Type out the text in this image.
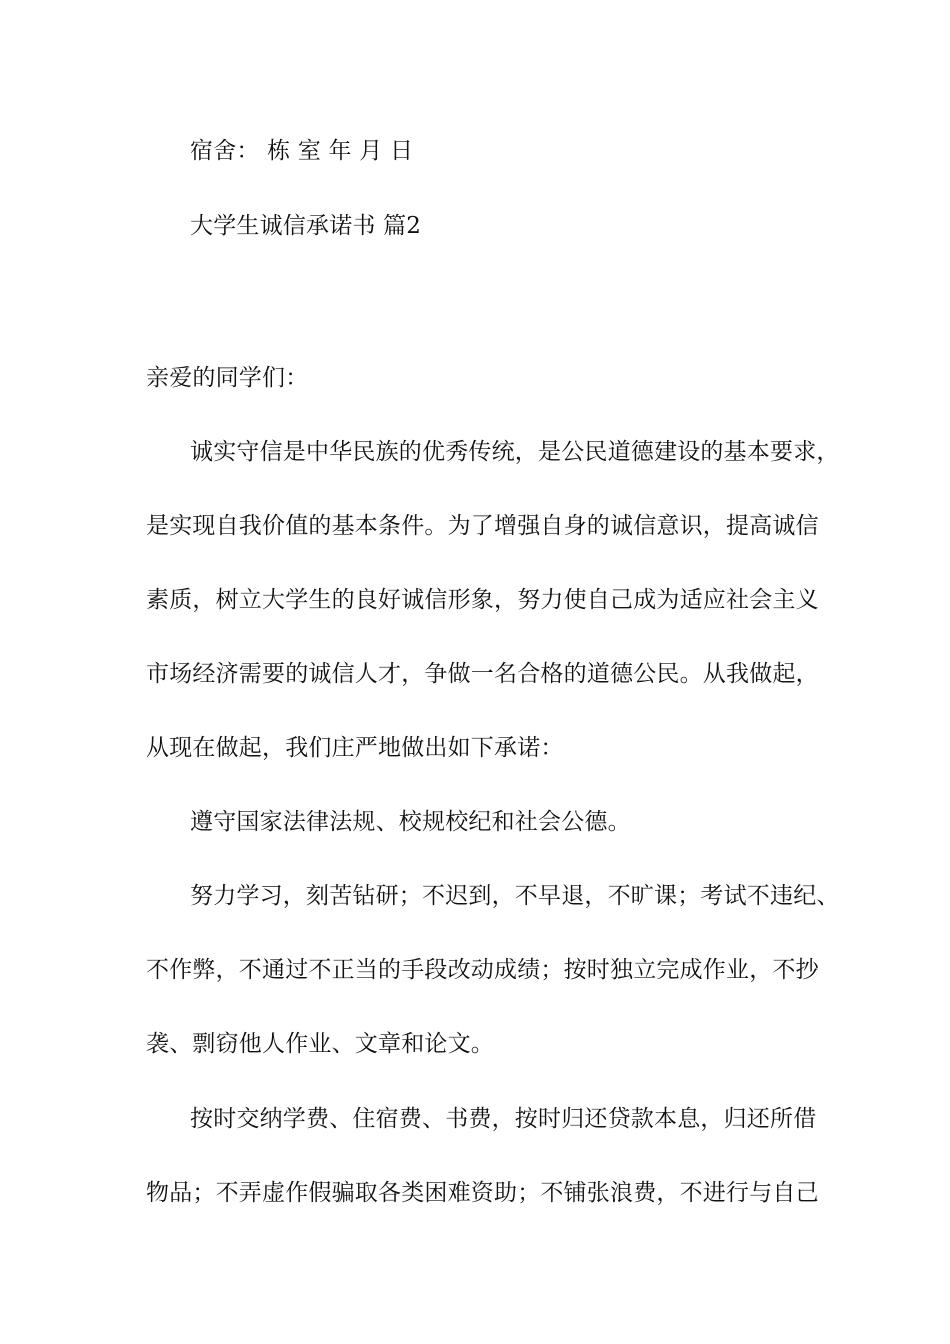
宿舍： 栋 室 年 月 日
大学生诚信承诺书 篇2
亲爱的同学们：
诚实守信是中华民族的优秀传统，是公民道德建设的基本要求，
是实现自我价值的基本条件。为了增强自身的诚信意识，提高诚信
素质，树立大学生的良好诚信形象，努力使自己成为适应社会主义
市场经济需要的诚信人才，争做一名合格的道德公民。从我做起，
从现在做起，我们庄严地做出如下承诺：
遵守国家法律法规、校规校纪和社会公德。
努力学习，刻苦钻研；不迟到，不早退，不旷课；考试不违纪、
不作弊，不通过不正当的手段改动成绩；按时独立完成作业，不抄
袭、剽窃他人作业、文章和论文。
按时交纳学费、住宿费、书费，按时归还贷款本息，归还所借
物品；不弄虚作假骗取各类困难资助；不铺张浪费，不进行与自己
